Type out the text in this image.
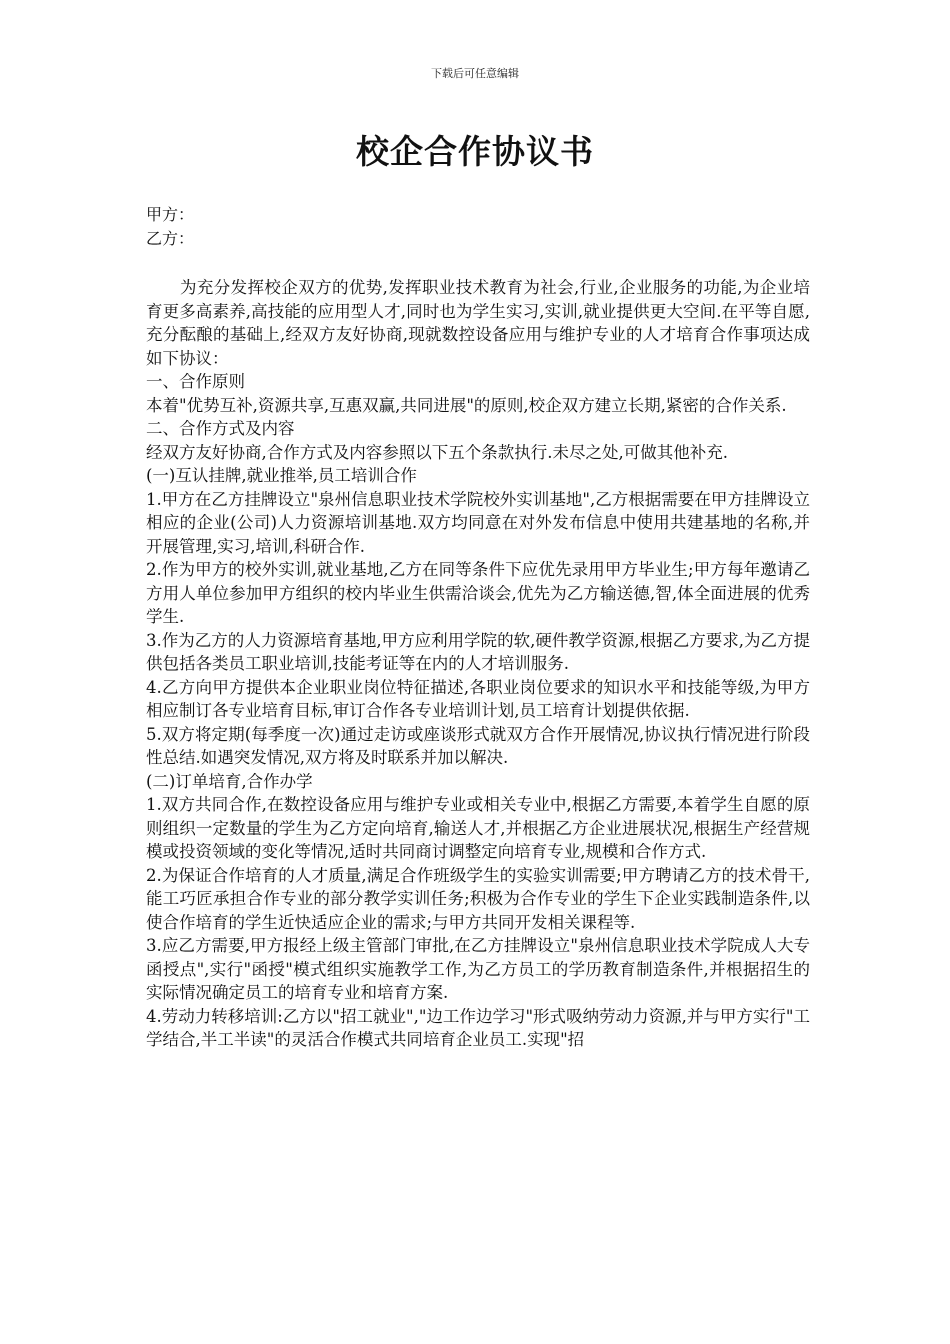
下载后可任意编辑
校企合作协议书
甲方：
乙方：

为充分发挥校企双方的优势,发挥职业技术教育为社会,行业,企业服务的功能,为企业培育更多高素养,高技能的应用型人才,同时也为学生实习,实训,就业提供更大空间.在平等自愿,充分酝酿的基础上,经双方友好协商,现就数控设备应用与维护专业的人才培育合作事项达成如下协议：

一、合作原则

本着"优势互补,资源共享,互惠双赢,共同进展"的原则,校企双方建立长期,紧密的合作关系.

二、合作方式及内容

经双方友好协商,合作方式及内容参照以下五个条款执行.未尽之处,可做其他补充.

(一)互认挂牌,就业推举,员工培训合作

1.甲方在乙方挂牌设立"泉州信息职业技术学院校外实训基地",乙方根据需要在甲方挂牌设立相应的企业(公司)人力资源培训基地.双方均同意在对外发布信息中使用共建基地的名称,并开展管理,实习,培训,科研合作.

2.作为甲方的校外实训,就业基地,乙方在同等条件下应优先录用甲方毕业生;甲方每年邀请乙方用人单位参加甲方组织的校内毕业生供需洽谈会,优先为乙方输送德,智,体全面进展的优秀学生.

3.作为乙方的人力资源培育基地,甲方应利用学院的软,硬件教学资源,根据乙方要求,为乙方提供包括各类员工职业培训,技能考证等在内的人才培训服务.

4.乙方向甲方提供本企业职业岗位特征描述,各职业岗位要求的知识水平和技能等级,为甲方相应制订各专业培育目标,审订合作各专业培训计划,员工培育计划提供依据.

5.双方将定期(每季度一次)通过走访或座谈形式就双方合作开展情况,协议执行情况进行阶段性总结.如遇突发情况,双方将及时联系并加以解决.

(二)订单培育,合作办学

1.双方共同合作,在数控设备应用与维护专业或相关专业中,根据乙方需要,本着学生自愿的原则组织一定数量的学生为乙方定向培育,输送人才,并根据乙方企业进展状况,根据生产经营规模或投资领域的变化等情况,适时共同商讨调整定向培育专业,规模和合作方式.

2.为保证合作培育的人才质量,满足合作班级学生的实验实训需要;甲方聘请乙方的技术骨干,能工巧匠承担合作专业的部分教学实训任务;积极为合作专业的学生下企业实践制造条件,以使合作培育的学生近快适应企业的需求;与甲方共同开发相关课程等.

3.应乙方需要,甲方报经上级主管部门审批,在乙方挂牌设立"泉州信息职业技术学院成人大专函授点",实行"函授"模式组织实施教学工作,为乙方员工的学历教育制造条件,并根据招生的实际情况确定员工的培育专业和培育方案.

4.劳动力转移培训:乙方以"招工就业","边工作边学习"形式吸纳劳动力资源,并与甲方实行"工学结合,半工半读"的灵活合作模式共同培育企业员工.实现"招
